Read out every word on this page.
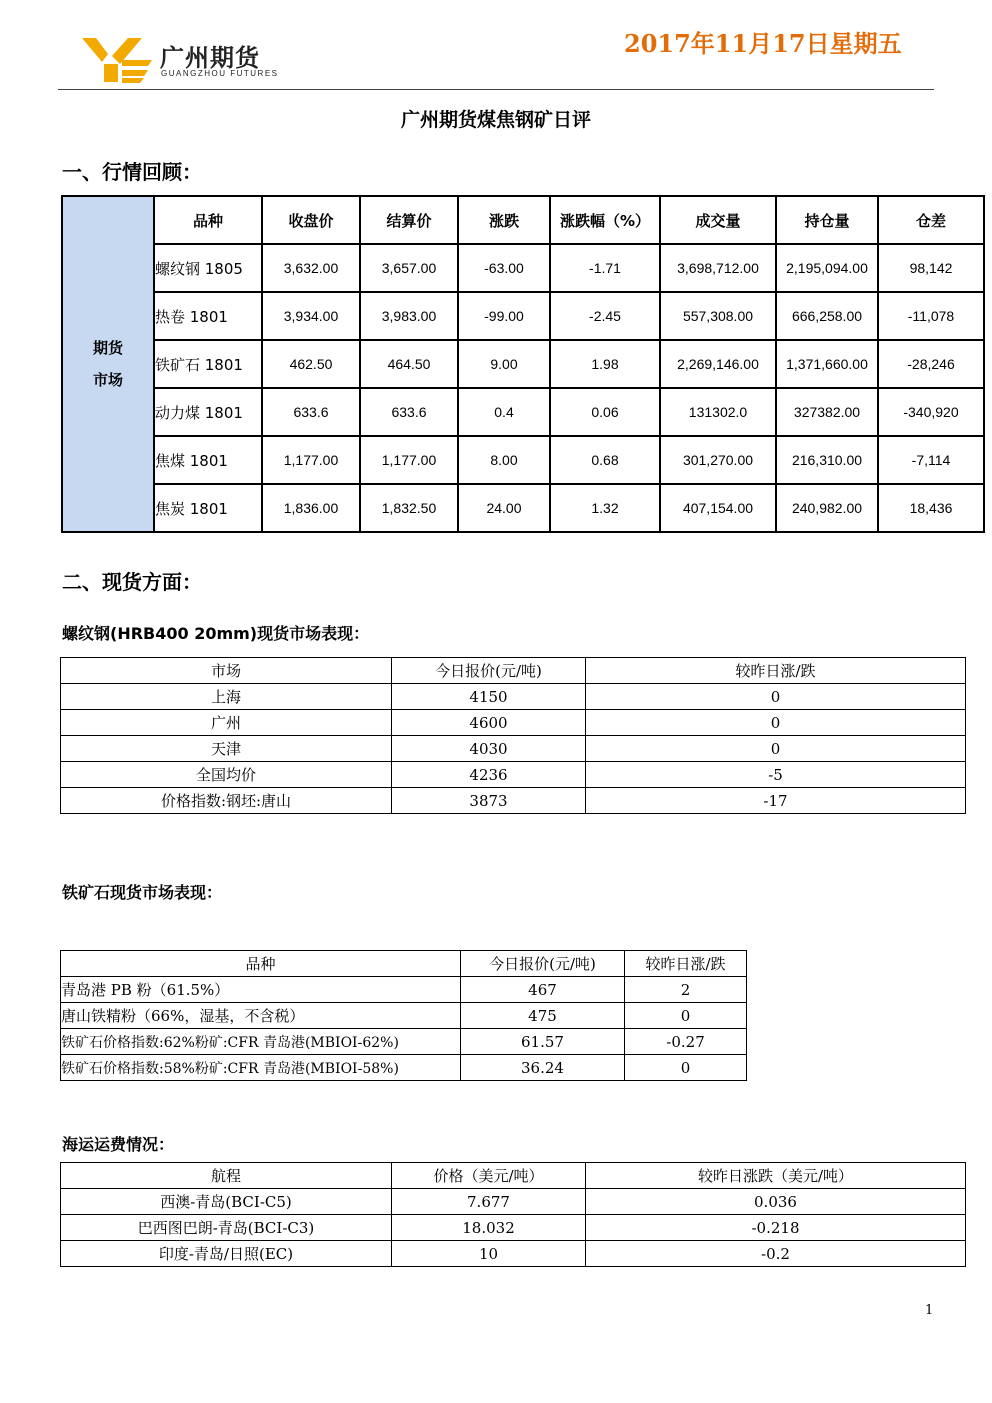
广州期货
GUANGZHOU FUTURES
2017年11月17日星期五
广州期货煤焦钢矿日评
一、行情回顾：
期货市场	品种	收盘价	结算价	涨跌	涨跌幅（%）	成交量	持仓量	仓差
	螺纹钢 1805	3,632.00	3,657.00	-63.00	-1.71	3,698,712.00	2,195,094.00	98,142
	热卷 1801	3,934.00	3,983.00	-99.00	-2.45	557,308.00	666,258.00	-11,078
	铁矿石 1801	462.50	464.50	9.00	1.98	2,269,146.00	1,371,660.00	-28,246
	动力煤 1801	633.6	633.6	0.4	0.06	131302.0	327382.00	-340,920
	焦煤 1801	1,177.00	1,177.00	8.00	0.68	301,270.00	216,310.00	-7,114
	焦炭 1801	1,836.00	1,832.50	24.00	1.32	407,154.00	240,982.00	18,436
二、现货方面：
螺纹钢(HRB400 20mm)现货市场表现：
市场	今日报价(元/吨)	较昨日涨/跌
上海	4150	0
广州	4600	0
天津	4030	0
全国均价	4236	-5
价格指数:钢坯:唐山	3873	-17
铁矿石现货市场表现：
品种	今日报价(元/吨)	较昨日涨/跌
青岛港 PB 粉（61.5%）	467	2
唐山铁精粉（66%，湿基，不含税）	475	0
铁矿石价格指数:62%粉矿:CFR 青岛港(MBIOI-62%)	61.57	-0.27
铁矿石价格指数:58%粉矿:CFR 青岛港(MBIOI-58%)	36.24	0
海运运费情况：
航程	价格（美元/吨）	较昨日涨跌（美元/吨）
西澳-青岛(BCI-C5)	7.677	0.036
巴西图巴朗-青岛(BCI-C3)	18.032	-0.218
印度-青岛/日照(EC)	10	-0.2
1
